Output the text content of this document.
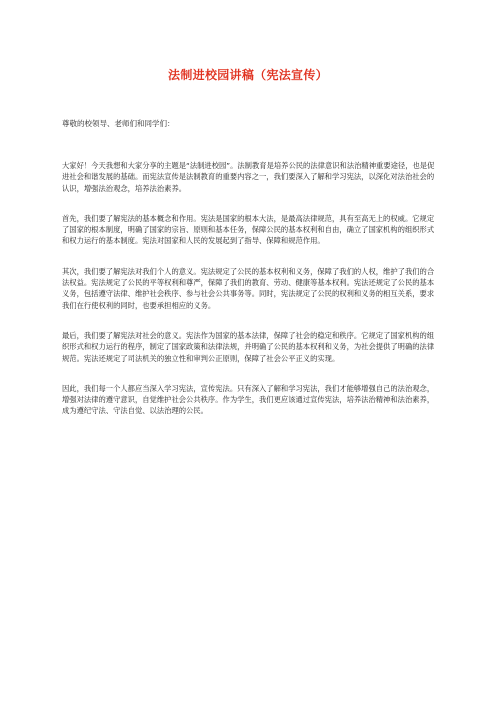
法制进校园讲稿（宪法宣传）
尊敬的校领导、老师们和同学们：

大家好！今天我想和大家分享的主题是“法制进校园”。法制教育是培养公民的法律意识和法治精神重要途径，也是促进社会和谐发展的基础。而宪法宣传是法制教育的重要内容之一，我们要深入了解和学习宪法，以深化对法治社会的认识，增强法治观念，培养法治素养。

首先，我们要了解宪法的基本概念和作用。宪法是国家的根本大法，是最高法律规范，具有至高无上的权威。它规定了国家的根本制度，明确了国家的宗旨、原则和基本任务，保障公民的基本权利和自由，确立了国家机构的组织形式和权力运行的基本制度。宪法对国家和人民的发展起到了指导、保障和规范作用。

其次，我们要了解宪法对我们个人的意义。宪法规定了公民的基本权利和义务，保障了我们的人权，维护了我们的合法权益。宪法规定了公民的平等权利和尊严，保障了我们的教育、劳动、健康等基本权利。宪法还规定了公民的基本义务，包括遵守法律、维护社会秩序、参与社会公共事务等。同时，宪法规定了公民的权利和义务的相互关系，要求我们在行使权利的同时，也要承担相应的义务。

最后，我们要了解宪法对社会的意义。宪法作为国家的基本法律，保障了社会的稳定和秩序。它规定了国家机构的组织形式和权力运行的程序，制定了国家政策和法律法规，并明确了公民的基本权利和义务，为社会提供了明确的法律规范。宪法还规定了司法机关的独立性和审判公正原则，保障了社会公平正义的实现。

因此，我们每一个人都应当深入学习宪法，宣传宪法。只有深入了解和学习宪法，我们才能够增强自己的法治观念，增强对法律的遵守意识，自觉维护社会公共秩序。作为学生，我们更应该通过宣传宪法，培养法治精神和法治素养，成为遵纪守法、守法自觉、以法治理的公民。
